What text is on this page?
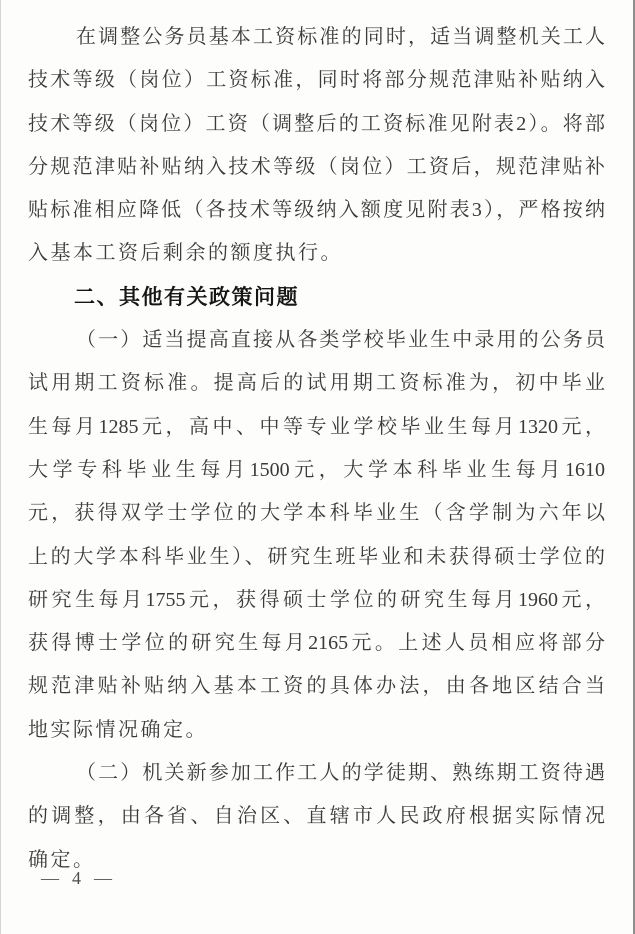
在调整公务员基本工资标准的同时，适当调整机关工人

技术等级（岗位）工资标准，同时将部分规范津贴补贴纳入

技术等级（岗位）工资（调整后的工资标准见附表2）。将部

分规范津贴补贴纳入技术等级（岗位）工资后，规范津贴补

贴标准相应降低（各技术等级纳入额度见附表3），严格按纳

入基本工资后剩余的额度执行。

二、其他有关政策问题

（一）适当提高直接从各类学校毕业生中录用的公务员

试用期工资标准。提高后的试用期工资标准为，初中毕业

生每月1285元，高中、中等专业学校毕业生每月1320元，

大学专科毕业生每月1500元，大学本科毕业生每月1610

元，获得双学士学位的大学本科毕业生（含学制为六年以

上的大学本科毕业生）、研究生班毕业和未获得硕士学位的

研究生每月1755元，获得硕士学位的研究生每月1960元，

获得博士学位的研究生每月2165元。上述人员相应将部分

规范津贴补贴纳入基本工资的具体办法，由各地区结合当

地实际情况确定。

（二）机关新参加工作工人的学徒期、熟练期工资待遇

的调整，由各省、自治区、直辖市人民政府根据实际情况

确定。

— 4 —
